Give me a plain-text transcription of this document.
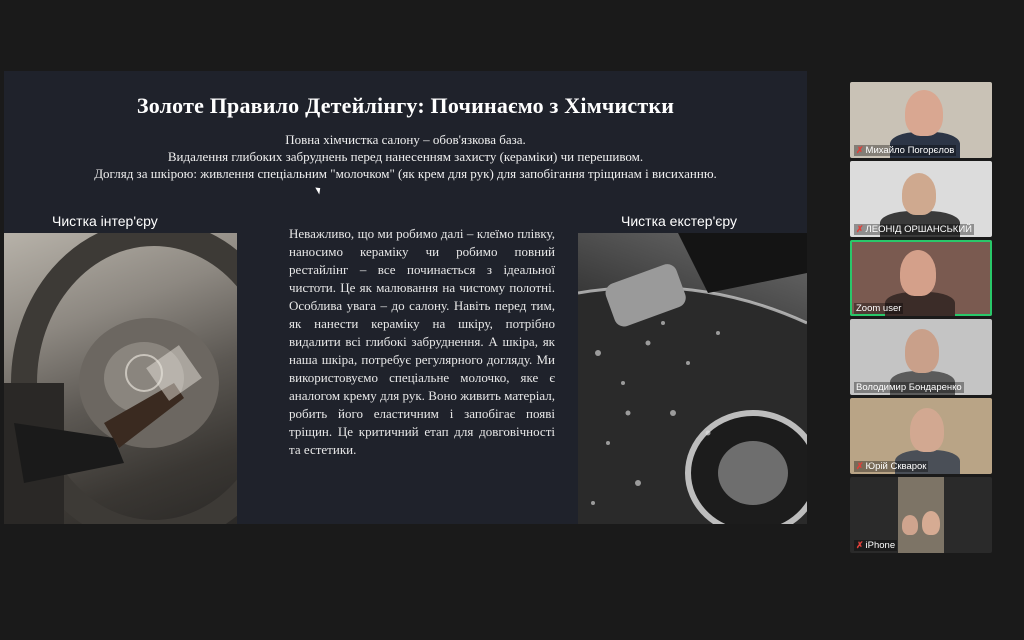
Золоте Правило Детейлінгу: Починаємо з Хімчистки
Повна хімчистка салону – обов'язкова база.
Видалення глибоких забруднень перед нанесенням захисту (кераміки) чи перешивом.
Догляд за шкірою: живлення спеціальним "молочком" (як крем для рук) для запобігання тріщинам і висиханню.
Чистка інтер'єру	Чистка екстер'єру
Неважливо, що ми робимо далі – клеїмо плівку, наносимо кераміку чи робимо повний рестайлінг – все починається з ідеальної чистоти. Це як малювання на чистому полотні. Особлива увага – до салону. Навіть перед тим, як нанести кераміку на шкіру, потрібно видалити всі глибокі забруднення. А шкіра, як наша шкіра, потребує регулярного догляду. Ми використовуємо спеціальне молочко, яке є аналогом крему для рук. Воно живить матеріал, робить його еластичним і запобігає появі тріщин. Це критичний етап для довговічності та естетики.
✗ Михайло Погорєлов
✗ ЛЕОНІД ОРШАНСЬКИЙ
Zoom user
Володимир Бондаренко
✗ Юрій Скварок
✗ iPhone
